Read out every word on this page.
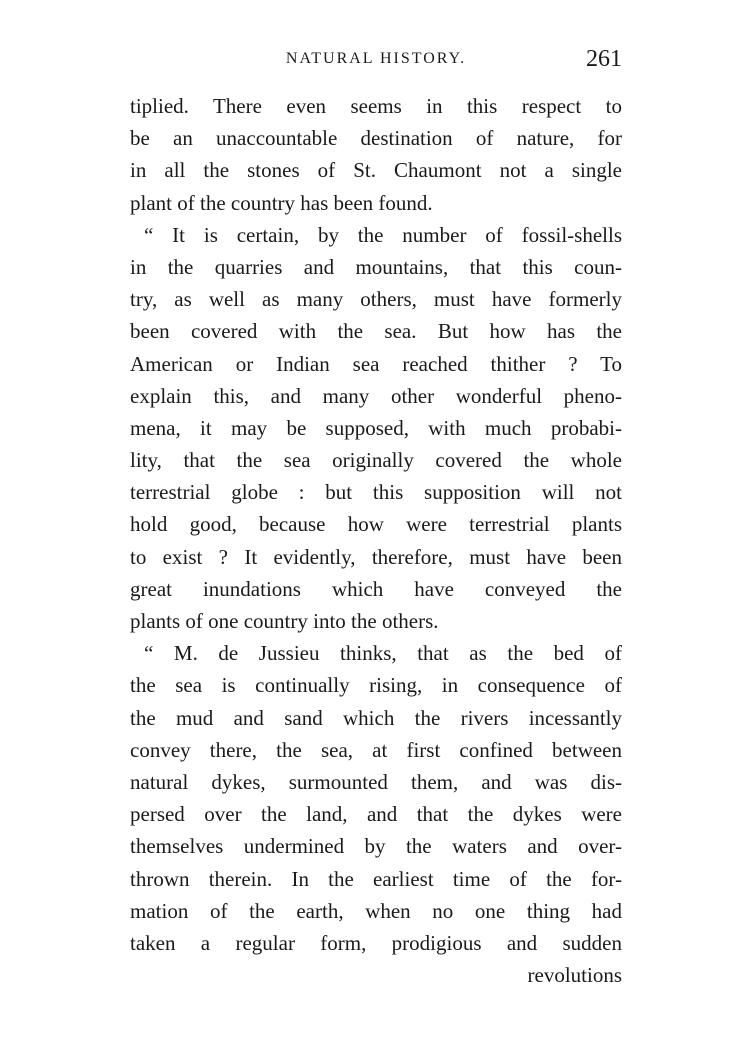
NATURAL HISTORY.	261
tiplied. There even seems in this respect to
be an unaccountable destination of nature, for
in all the stones of St. Chaumont not a single
plant of the country has been found.
“ It is certain, by the number of fossil-shells
in the quarries and mountains, that this coun-
try, as well as many others, must have formerly
been covered with the sea. But how has the
American or Indian sea reached thither ? To
explain this, and many other wonderful pheno-
mena, it may be supposed, with much probabi-
lity, that the sea originally covered the whole
terrestrial globe : but this supposition will not
hold good, because how were terrestrial plants
to exist ? It evidently, therefore, must have been
great inundations which have conveyed the
plants of one country into the others.
“ M. de Jussieu thinks, that as the bed of
the sea is continually rising, in consequence of
the mud and sand which the rivers incessantly
convey there, the sea, at first confined between
natural dykes, surmounted them, and was dis-
persed over the land, and that the dykes were
themselves undermined by the waters and over-
thrown therein. In the earliest time of the for-
mation of the earth, when no one thing had
taken a regular form, prodigious and sudden
revolutions
